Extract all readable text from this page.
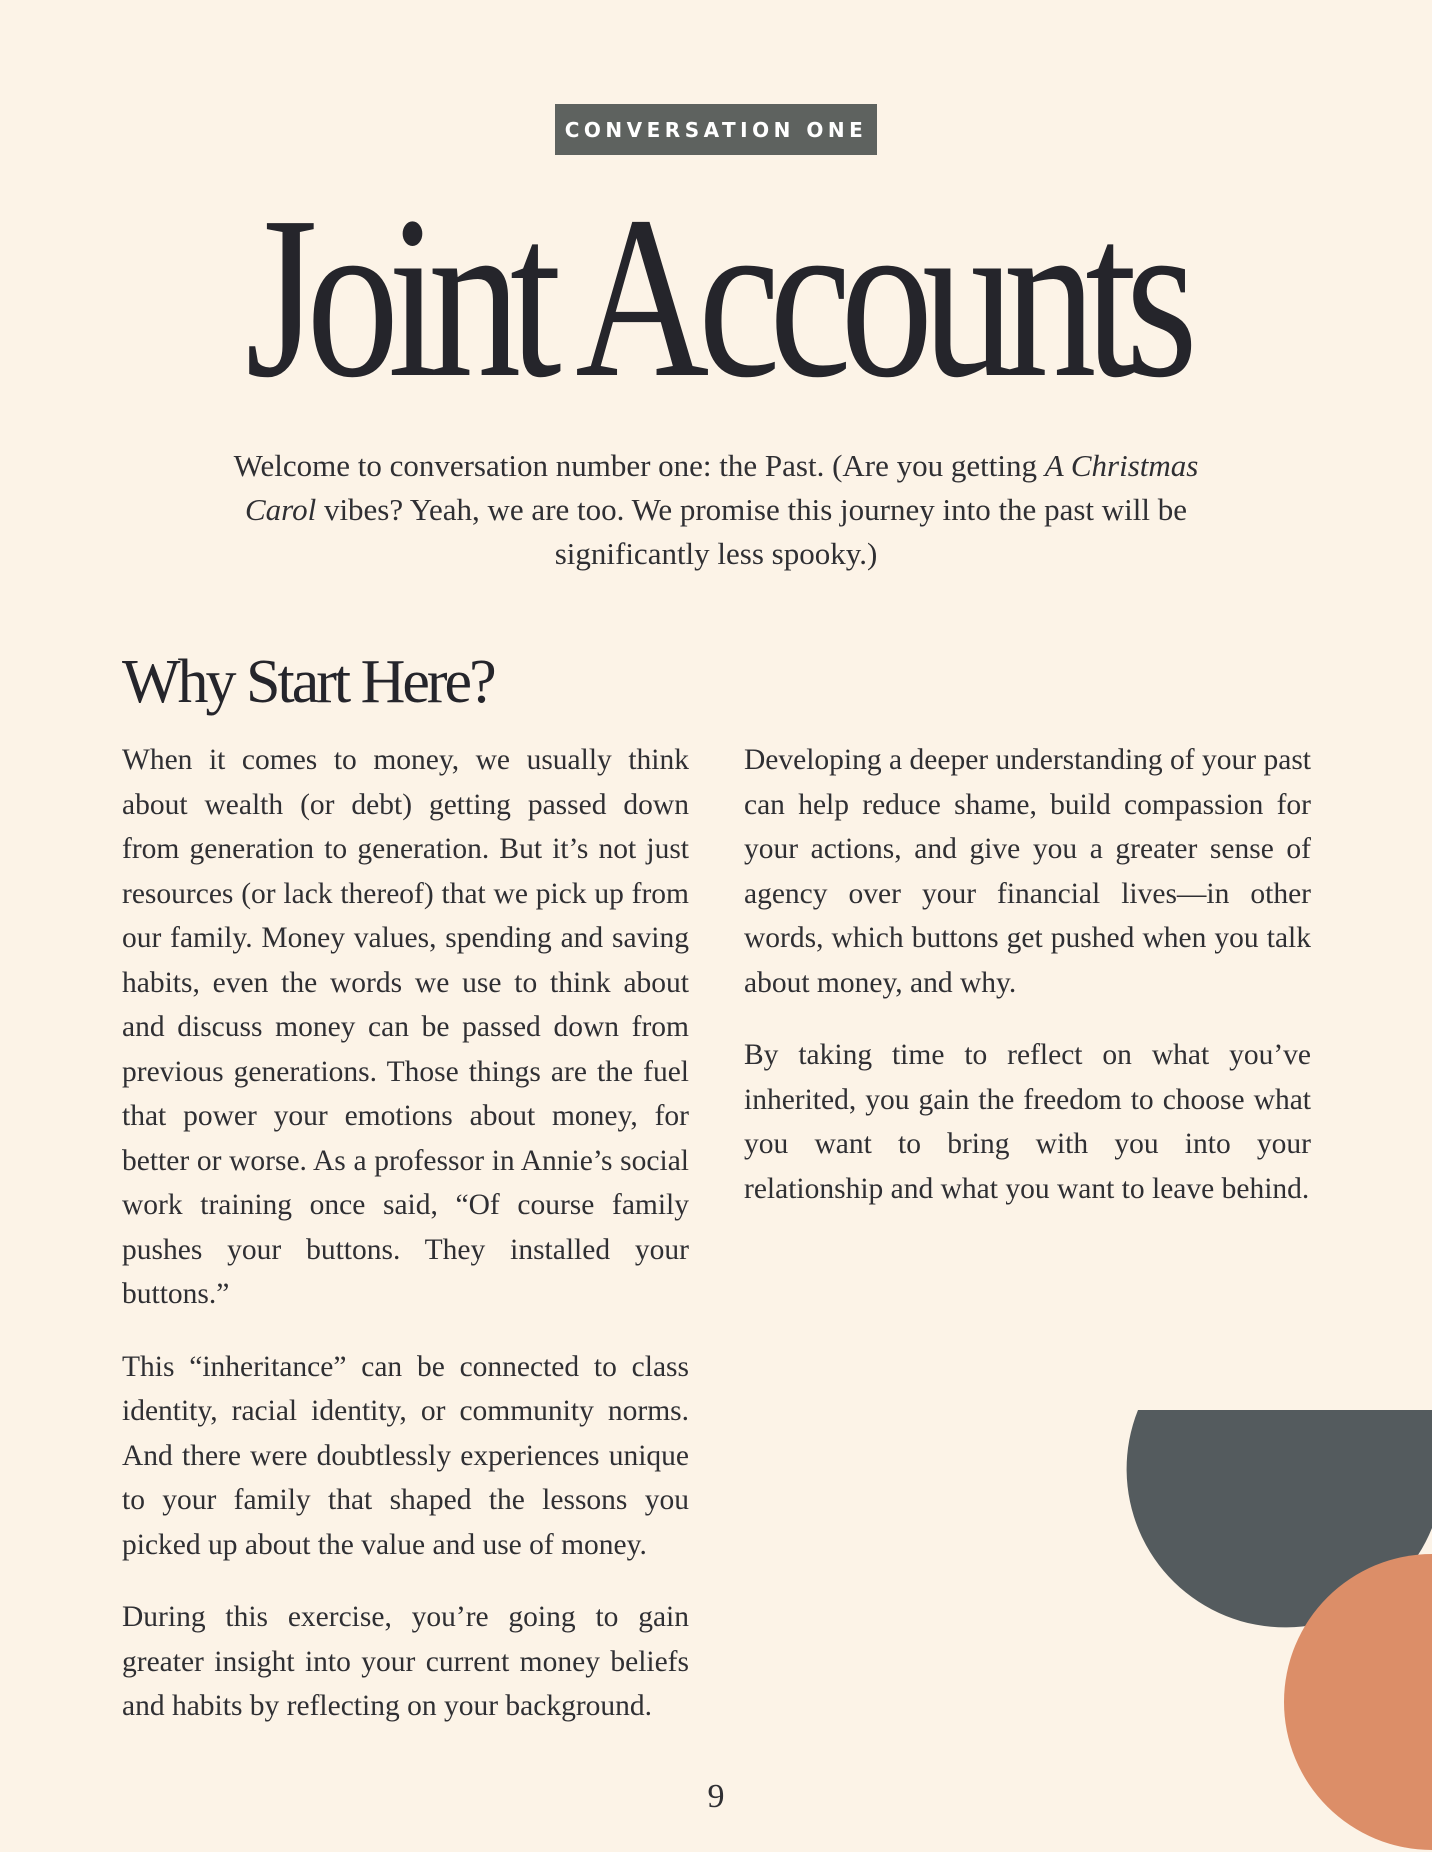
CONVERSATION ONE
Joint Accounts
Welcome to conversation number one: the Past. (Are you getting A Christmas Carol vibes? Yeah, we are too. We promise this journey into the past will be significantly less spooky.)
Why Start Here?

When it comes to money, we usually think about wealth (or debt) getting passed down from generation to generation. But it’s not just resources (or lack thereof) that we pick up from our family. Money values, spending and saving habits, even the words we use to think about and discuss money can be passed down from previous generations. Those things are the fuel that power your emotions about money, for better or worse. As a professor in Annie’s social work training once said, “Of course family pushes your buttons. They installed your buttons.”

This “inheritance” can be connected to class identity, racial identity, or community norms. And there were doubtlessly experiences unique to your family that shaped the lessons you picked up about the value and use of money.

During this exercise, you’re going to gain greater insight into your current money beliefs and habits by reflecting on your background.

Developing a deeper understanding of your past can help reduce shame, build compassion for your actions, and give you a greater sense of agency over your financial lives—in other words, which buttons get pushed when you talk about money, and why.

By taking time to reflect on what you’ve inherited, you gain the freedom to choose what you want to bring with you into your relationship and what you want to leave behind.

9
